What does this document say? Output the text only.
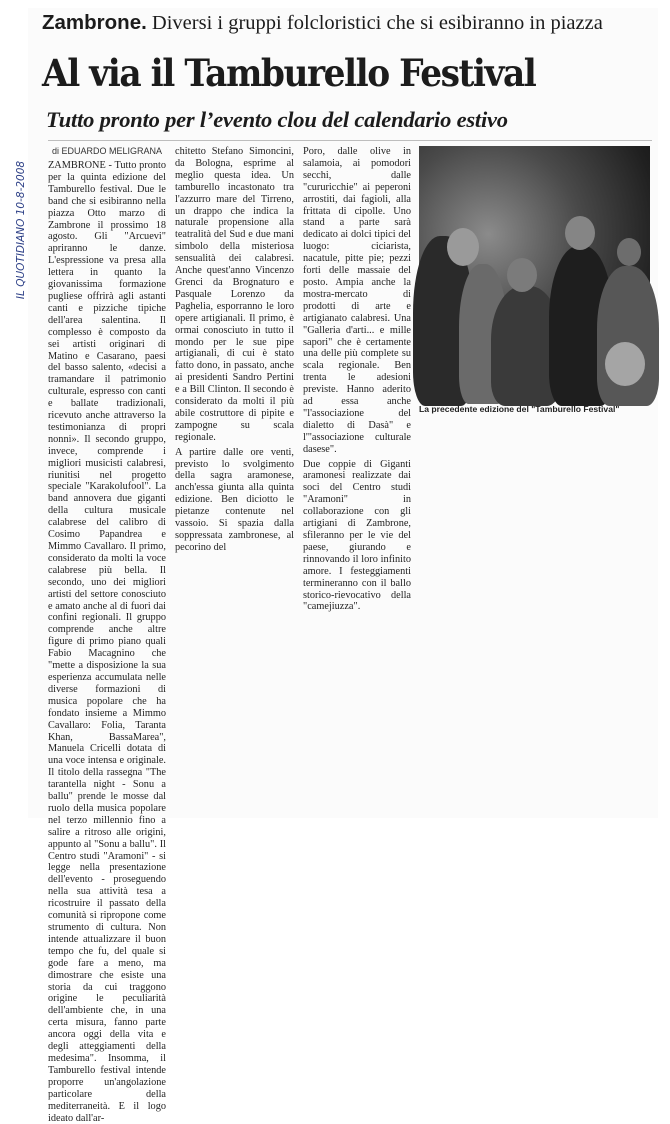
IL QUOTIDIANO 10-8-2008
Zambrone. Diversi i gruppi folcloristici che si esibiranno in piazza
Al via il Tamburello Festival
Tutto pronto per l’evento clou del calendario estivo
di EDUARDO MELIGRANA

ZAMBRONE - Tutto pronto per la quinta edizione del Tamburello festival. Due le band che si esibiranno nella piazza Otto marzo di Zambrone il prossimo 18 agosto. Gli "Arcuevi" apriranno le danze. L'espressione va presa alla lettera in quanto la giovanissima formazione pugliese offrirà agli astanti canti e pizziche tipiche dell'area salentina. Il complesso è composto da sei artisti originari di Matino e Casarano, paesi del basso salento, «decisi a tramandare il patrimonio culturale, espresso con canti e ballate tradizionali, ricevuto anche attraverso la testimonianza di propri nonni». Il secondo gruppo, invece, comprende i migliori musicisti calabresi, riunitisi nel progetto speciale "Karakolufool". La band annovera due giganti della cultura musicale calabrese del calibro di Cosimo Papandrea e Mimmo Cavallaro. Il primo, considerato da molti la voce calabrese più bella. Il secondo, uno dei migliori artisti del settore conosciuto e amato anche al di fuori dai confini regionali. Il gruppo comprende anche altre figure di primo piano quali Fabio Macagnino che "mette a disposizione la sua esperienza accumulata nelle diverse formazioni di musica popolare che ha fondato insieme a Mimmo Cavallaro: Folia, Taranta Khan, BassaMarea", Manuela Cricelli dotata di una voce intensa e originale. Il titolo della rassegna "The tarantella night - Sonu a ballu" prende le mosse dal ruolo della musica popolare nel terzo millennio fino a salire a ritroso alle origini, appunto al "Sonu a ballu". Il Centro studi "Aramoni" - si legge nella presentazione dell'evento - proseguendo nella sua attività tesa a ricostruire il passato della comunità si ripropone come strumento di cultura. Non intende attualizzare il buon tempo che fu, del quale si gode fare a meno, ma dimostrare che esiste una storia da cui traggono origine le peculiarità dell'ambiente che, in una certa misura, fanno parte ancora oggi della vita e degli atteggiamenti della medesima". Insomma, il Tamburello festival intende proporre un'angolazione particolare della mediterraneità. E il logo ideato dall'ar-

chitetto Stefano Simoncini, da Bologna, esprime al meglio questa idea. Un tamburello incastonato tra l'azzurro mare del Tirreno, un drappo che indica la naturale propensione alla teatralità del Sud e due mani simbolo della misteriosa sensualità dei calabresi. Anche quest'anno Vincenzo Grenci da Brognaturo e Pasquale Lorenzo da Paghelia, esporranno le loro opere artigianali. Il primo, è ormai conosciuto in tutto il mondo per le sue pipe artigianali, di cui è stato fatto dono, in passato, anche ai presidenti Sandro Pertini e a Bill Clinton. Il secondo è considerato da molti il più abile costruttore di pipite e zampogne su scala regionale.

A partire dalle ore venti, previsto lo svolgimento della sagra aramonese, anch'essa giunta alla quinta edizione. Ben diciotto le pietanze contenute nel vassoio. Si spazia dalla soppressata zambronese, al pecorino del

Poro, dalle olive in salamoia, ai pomodori secchi, dalle "cururicchie" ai peperoni arrostiti, dai fagioli, alla frittata di cipolle. Uno stand a parte sarà dedicato ai dolci tipici del luogo: ciciarista, nacatule, pitte pie; pezzi forti delle massaie del posto. Ampia anche la mostra-mercato di prodotti di arte e artigianato calabresi. Una "Galleria d'arti... e mille sapori" che è certamente una delle più complete su scala regionale. Ben trenta le adesioni previste. Hanno aderito ad essa anche "l'associazione del dialetto di Dasà" e l'"associazione culturale dasese".

Due coppie di Giganti aramonesi realizzate dai soci del Centro studi "Aramoni" in collaborazione con gli artigiani di Zambrone, sfileranno per le vie del paese, giurando e rinnovando il loro infinito amore. I festeggiamenti termineranno con il ballo storico-rievocativo della "camejiuzza".

La precedente edizione del "Tamburello Festival"
